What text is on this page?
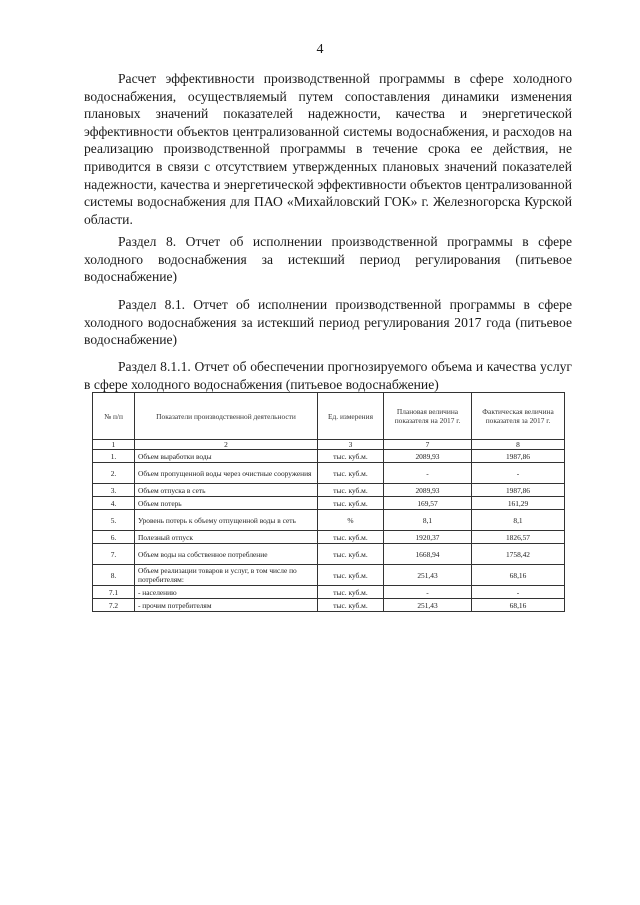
4

Расчет эффективности производственной программы в сфере холодного водоснабжения, осуществляемый путем сопоставления динамики изменения плановых значений показателей надежности, качества и энергетической эффективности объектов централизованной системы водоснабжения, и расходов на реализацию производственной программы в течение срока ее действия, не приводится в связи с отсутствием утвержденных плановых значений показателей надежности, качества и энергетической эффективности объектов централизованной системы водоснабжения для ПАО «Михайловский ГОК» г. Железногорска Курской области.

Раздел 8. Отчет об исполнении производственной программы в сфере холодного водоснабжения за истекший период регулирования (питьевое водоснабжение)

Раздел 8.1. Отчет об исполнении производственной программы в сфере холодного водоснабжения за истекший период регулирования 2017 года (питьевое водоснабжение)

Раздел 8.1.1. Отчет об обеспечении прогнозируемого объема и качества услуг в сфере холодного водоснабжения (питьевое водоснабжение)

№ п/п	Показатели производственной деятельности	Ед. измерения	Плановая величина показателя на 2017 г.	Фактическая величина показателя за 2017 г.
1	2	3	7	8
1.	Объем выработки воды	тыс. куб.м.	2089,93	1987,86
2.	Объем пропущенной воды через очистные сооружения	тыс. куб.м.	-	-
3.	Объем отпуска в сеть	тыс. куб.м.	2089,93	1987,86
4.	Объем потерь	тыс. куб.м.	169,57	161,29
5.	Уровень потерь к объему отпущенной воды в сеть	%	8,1	8,1
6.	Полезный отпуск	тыс. куб.м.	1920,37	1826,57
7.	Объем воды на собственное потребление	тыс. куб.м.	1668,94	1758,42
8.	Объем реализации товаров и услуг, в том числе по потребителям:	тыс. куб.м.	251,43	68,16
7.1	- населению	тыс. куб.м.	-	-
7.2	- прочим потребителям	тыс. куб.м.	251,43	68,16
